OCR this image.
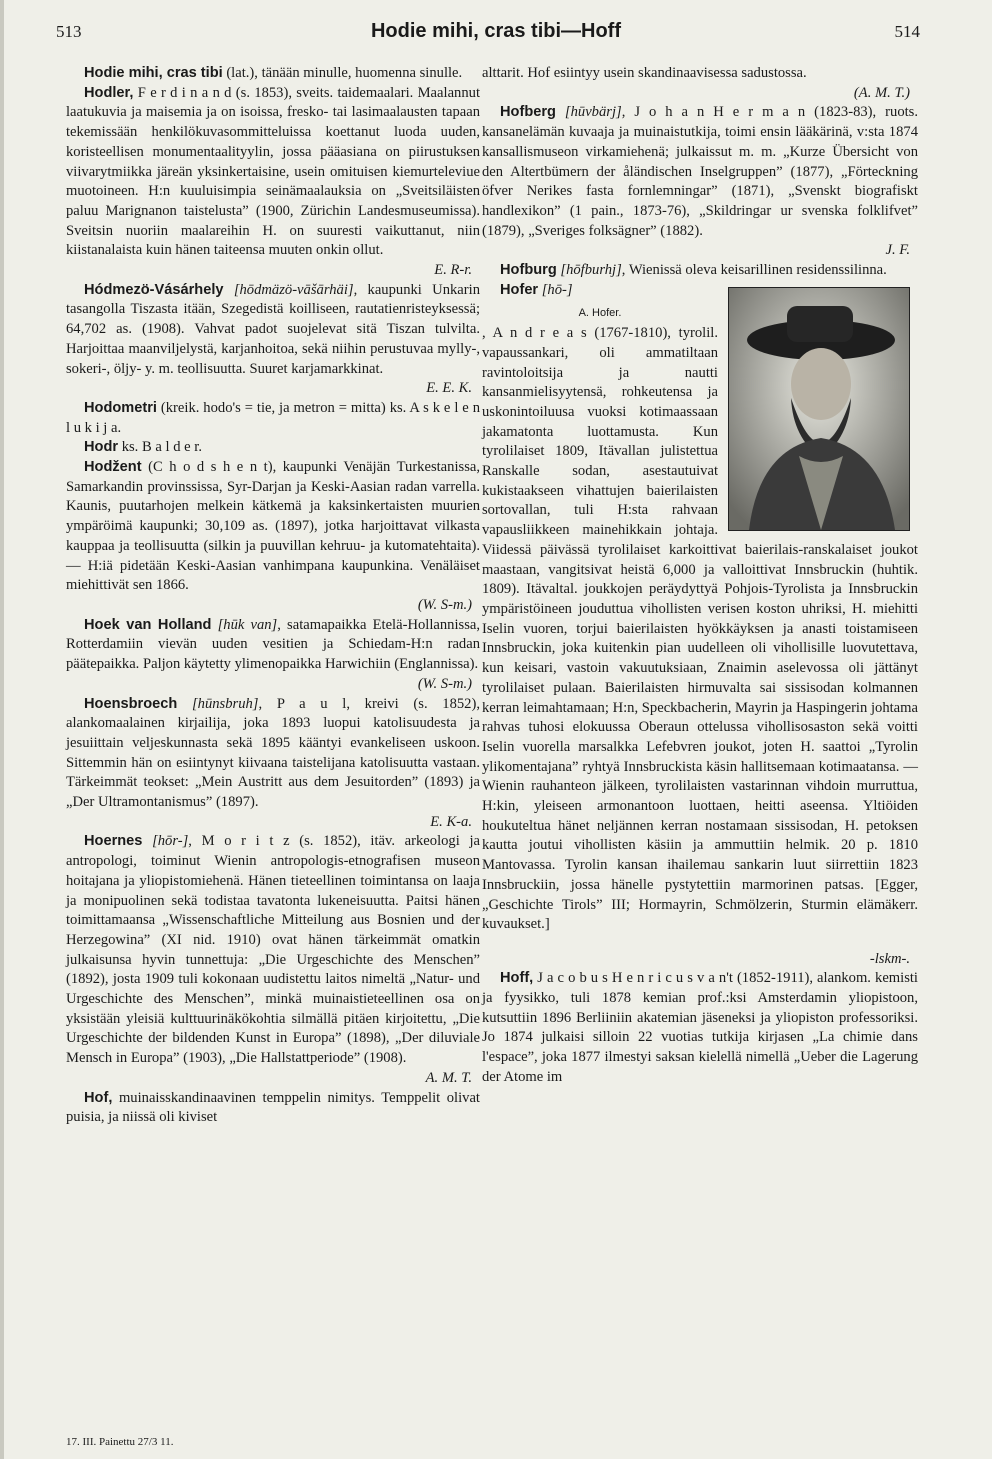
513	Hodie mihi, cras tibi—Hoff	514

Hodie mihi, cras tibi (lat.), tänään minulle, huomenna sinulle.

Hodler, F e r d i n a n d (s. 1853), sveits. taidemaalari. Maalannut laatukuvia ja maisemia ja on isoissa, fresko- tai lasimaalausten tapaan tekemissään henkilökuvasommitteluissa koettanut luoda uuden, koristeellisen monumentaalityylin, jossa pääasiana on piirustuksen viivarytmiikka järeän yksinkertaisine, usein omituisen kiemurteleviue muotoineen. H:n kuuluisimpia seinämaalauksia on „Sveitsiläisten paluu Marignanon taistelusta” (1900, Zürichin Landesmuseumissa). Sveitsin nuoriin maalareihin H. on suuresti vaikuttanut, niin kiistanalaista kuin hänen taiteensa muuten onkin ollut.

E. R-r.

Hódmezö-Vásárhely [hōdmäzö-vāšārhäi], kaupunki Unkarin tasangolla Tiszasta itään, Szegedistä koilliseen, rautatienristeyksessä; 64,702 as. (1908). Vahvat padot suojelevat sitä Tiszan tulvilta. Harjoittaa maanviljelystä, karjanhoitoa, sekä niihin perustuvaa mylly-, sokeri-, öljy- y. m. teollisuutta. Suuret karjamarkkinat.

E. E. K.

Hodometri (kreik. hodo's = tie, ja metron = mitta) ks. A s k e l e n l u k i j a.

Hodr ks. B a l d e r.

Hodžent (C h o d s h e n t), kaupunki Venäjän Turkestanissa, Samarkandin provinssissa, Syr-Darjan ja Keski-Aasian radan varrella. Kaunis, puutarhojen melkein kätkemä ja kaksinkertaisten muurien ympäröimä kaupunki; 30,109 as. (1897), jotka harjoittavat vilkasta kauppaa ja teollisuutta (silkin ja puuvillan kehruu- ja kutomatehtaita). — H:iä pidetään Keski-Aasian vanhimpana kaupunkina. Venäläiset miehittivät sen 1866.

(W. S-m.)

Hoek van Holland [hūk van], satamapaikka Etelä-Hollannissa, Rotterdamiin vievän uuden vesitien ja Schiedam-H:n radan päätepaikka. Paljon käytetty ylimenopaikka Harwichiin (Englannissa).

(W. S-m.)

Hoensbroech [hūnsbruh], P a u l, kreivi (s. 1852), alankomaalainen kirjailija, joka 1893 luopui katolisuudesta ja jesuiittain veljeskunnasta sekä 1895 kääntyi evankeliseen uskoon. Sittemmin hän on esiintynyt kiivaana taistelijana katolisuutta vastaan. Tärkeimmät teokset: „Mein Austritt aus dem Jesuitorden” (1893) ja „Der Ultramontanismus” (1897).

E. K-a.

Hoernes [hōr-], M o r i t z (s. 1852), itäv. arkeologi ja antropologi, toiminut Wienin antropologis-etnografisen museon hoitajana ja yliopistomiehenä. Hänen tieteellinen toimintansa on laaja ja monipuolinen sekä todistaa tavatonta lukeneisuutta. Paitsi hänen toimittamaansa „Wissenschaftliche Mitteilung aus Bosnien und der Herzegowina” (XI nid. 1910) ovat hänen tärkeimmät omatkin julkaisunsa hyvin tunnettuja: „Die Urgeschichte des Menschen” (1892), josta 1909 tuli kokonaan uudistettu laitos nimeltä „Natur- und Urgeschichte des Menschen”, minkä muinaistieteellinen osa on yksistään yleisiä kulttuurinäkökohtia silmällä pitäen kirjoitettu, „Die Urgeschichte der bildenden Kunst in Europa” (1898), „Der diluviale Mensch in Europa” (1903), „Die Hallstattperiode” (1908).

A. M. T.

Hof, muinaisskandinaavinen temppelin nimitys. Temppelit olivat puisia, ja niissä oli kiviset

alttarit. Hof esiintyy usein skandinaavisessa sadustossa.

(A. M. T.)

Hofberg [hūvbärj], J o h a n H e r m a n (1823-83), ruots. kansanelämän kuvaaja ja muinaistutkija, toimi ensin lääkärinä, v:sta 1874 kansallismuseon virkamiehenä; julkaissut m. m. „Kurze Übersicht von den Altertbümern der åländischen Inselgruppen” (1877), „Förteckning öfver Nerikes fasta fornlemningar” (1871), „Svenskt biografiskt handlexikon” (1 pain., 1873-76), „Skildringar ur svenska folklifvet” (1879), „Sveriges folksägner” (1882).

J. F.

Hofburg [hōfburhj], Wienissä oleva keisarillinen residenssilinna.

Hofer [hō-]

A. Hofer.
, A n d r e a s (1767-1810), tyrolil. vapaussankari, oli ammatiltaan ravintoloitsija ja nautti kansanmielisyytensä, rohkeutensa ja uskonintoiluusa vuoksi kotimaassaan jakamatonta luottamusta. Kun tyrolilaiset 1809, Itävallan julistettua Ranskalle sodan, asestautuivat kukistaakseen vihattujen baierilaisten sortovallan, tuli H:sta rahvaan vapausliikkeen mainehikkain johtaja. Viidessä päivässä tyrolilaiset karkoittivat baierilais-ranskalaiset joukot maastaan, vangitsivat heistä 6,000 ja valloittivat Innsbruckin (huhtik. 1809). Itävaltal. joukkojen peräydyttyä Pohjois-Tyrolista ja Innsbruckin ympäristöineen jouduttua vihollisten verisen koston uhriksi, H. miehitti Iselin vuoren, torjui baierilaisten hyökkäyksen ja anasti toistamiseen Innsbruckin, joka kuitenkin pian uudelleen oli vihollisille luovutettava, kun keisari, vastoin vakuutuksiaan, Znaimin aselevossa oli jättänyt tyrolilaiset pulaan. Baierilaisten hirmuvalta sai sissisodan kolmannen kerran leimahtamaan; H:n, Speckbacherin, Mayrin ja Haspingerin johtama rahvas tuhosi elokuussa Oberaun ottelussa vihollisosaston sekä voitti Iselin vuorella marsalkka Lefebvren joukot, joten H. saattoi „Tyrolin ylikomentajana” ryhtyä Innsbruckista käsin hallitsemaan kotimaatansa. — Wienin rauhanteon jälkeen, tyrolilaisten vastarinnan vihdoin murruttua, H:kin, yleiseen armonantoon luottaen, heitti aseensa. Yltiöiden houkuteltua hänet neljännen kerran nostamaan sissisodan, H. petoksen kautta joutui vihollisten käsiin ja ammuttiin helmik. 20 p. 1810 Mantovassa. Tyrolin kansan ihailemau sankarin luut siirrettiin 1823 Innsbruckiin, jossa hänelle pystytettiin marmorinen patsas. [Egger, „Geschichte Tirols” III; Hormayrin, Schmölzerin, Sturmin elämäkerr. kuvaukset.]

-lskm-.

Hoff, J a c o b u s H e n r i c u s v a n't (1852-1911), alankom. kemisti ja fyysikko, tuli 1878 kemian prof.:ksi Amsterdamin yliopistoon, kutsuttiin 1896 Berliiniin akatemian jäseneksi ja yliopiston professoriksi. Jo 1874 julkaisi silloin 22 vuotias tutkija kirjasen „La chimie dans l'espace”, joka 1877 ilmestyi saksan kielellä nimellä „Ueber die Lagerung der Atome im

17. III. Painettu 27/3 11.
